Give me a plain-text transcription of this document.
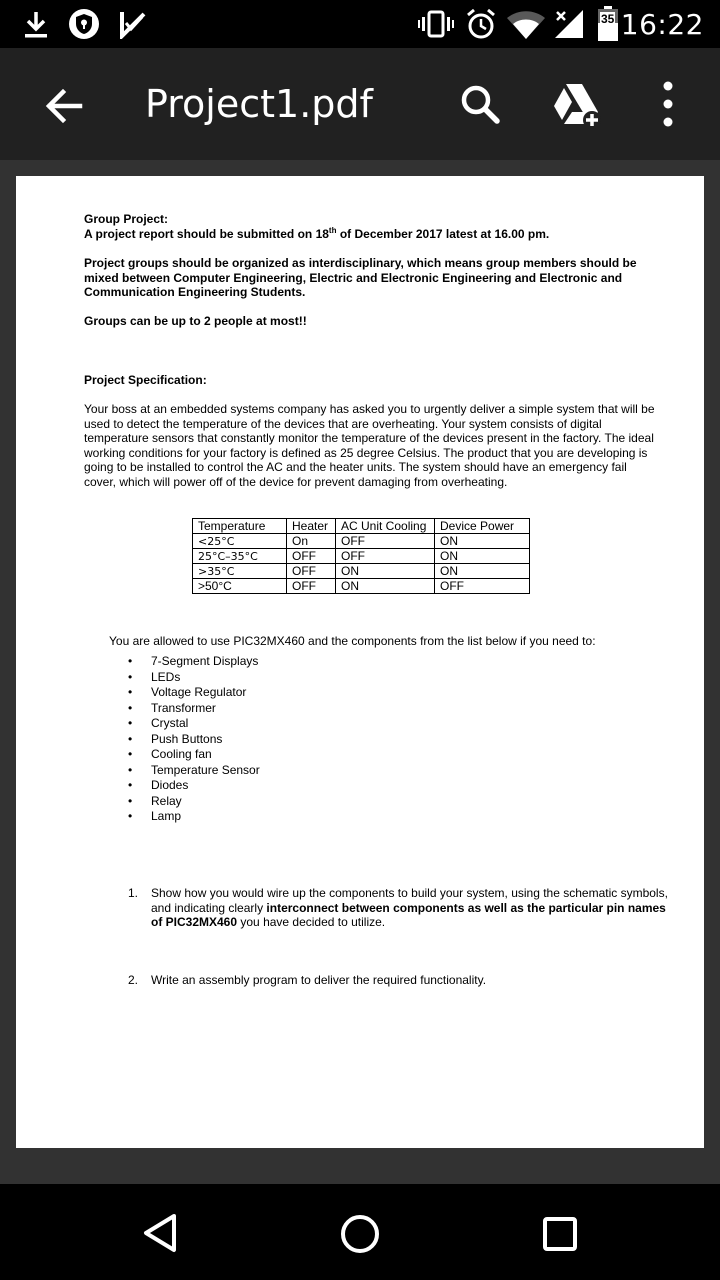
35 16:22
Project1.pdf
Group Project:
A project report should be submitted on 18th of December 2017 latest at 16.00 pm.
Project groups should be organized as interdisciplinary, which means group members should be mixed between Computer Engineering, Electric and Electronic Engineering and Electronic and Communication Engineering Students.
Groups can be up to 2 people at most!!
Project Specification:
Your boss at an embedded systems company has asked you to urgently deliver a simple system that will be used to detect the temperature of the devices that are overheating. Your system consists of digital temperature sensors that constantly monitor the temperature of the devices present in the factory. The ideal working conditions for your factory is defined as 25 degree Celsius. The product that you are developing is going to be installed to control the AC and the heater units. The system should have an emergency fail cover, which will power off of the device for prevent damaging from overheating.
Temperature	Heater	AC Unit Cooling	Device Power
<25°C	On	OFF	ON
25°C–35°C	OFF	OFF	ON
>35°C	OFF	ON	ON
>50°C	OFF	ON	OFF
You are allowed to use PIC32MX460 and the components from the list below if you need to:
• 7-Segment Displays
• LEDs
• Voltage Regulator
• Transformer
• Crystal
• Push Buttons
• Cooling fan
• Temperature Sensor
• Diodes
• Relay
• Lamp
1. Show how you would wire up the components to build your system, using the schematic symbols, and indicating clearly interconnect between components as well as the particular pin names of PIC32MX460 you have decided to utilize.
2. Write an assembly program to deliver the required functionality.
